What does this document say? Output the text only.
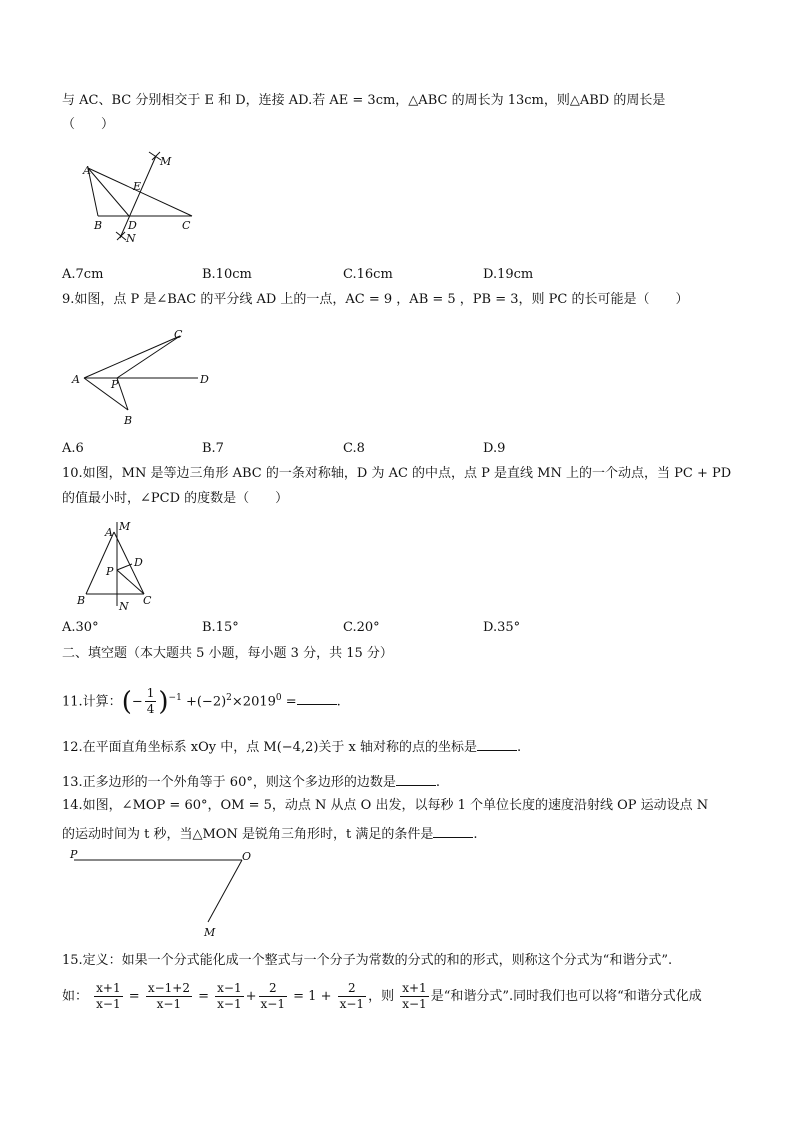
与 AC、BC 分别相交于 E 和 D，连接 AD.若 AE = 3cm，△ABC 的周长为 13cm，则△ABD 的周长是
（　　）
A
E
M
B D	C
N
A.7cm	B.10cm	C.16cm	D.19cm
9.如图，点 P 是∠BAC 的平分线 AD 上的一点，AC = 9 ，AB = 5 ，PB = 3，则 PC 的长可能是（　　）
A
C
P	D
B
A.6	B.7	C.8	D.9
10.如图，MN 是等边三角形 ABC 的一条对称轴，D 为 AC 的中点，点 P 是直线 MN 上的一个动点，当 PC + PD
的值最小时，∠PCD 的度数是（　　）
A M
D
P
B	C
N
A.30°	B.15°	C.20°	D.35°
二、填空题（本大题共 5 小题，每小题 3 分，共 15 分）
11.计算：(− $\frac{1}{4} )^{-1} +(-2)^2\times 2019^0$ =	.
12.在平面直角坐标系 xOy 中，点 M(−4,2)关于 x 轴对称的点的坐标是	.
13.正多边形的一个外角等于 60°，则这个多边形的边数是	.
14.如图，∠MOP = 60°，OM = 5，动点 N 从点 O 出发，以每秒 1 个单位长度的速度沿射线 OP 运动设点 N
的运动时间为 t 秒，当△MON 是锐角三角形时，t 满足的条件是	.
P	O
M
15.定义：如果一个分式能化成一个整式与一个分子为常数的分式的和的形式，则称这个分式为“和谐分式”.
如： $\frac{x+1}{x-1} = \frac{x-1+2}{x-1} = \frac{x-1}{x-1} + \frac{2}{x-1} = 1 + \frac{2}{x-1}$ ，则 $\frac{x+1}{x-1}$ 是“和谐分式”.同时我们也可以将“和谐分式化成
